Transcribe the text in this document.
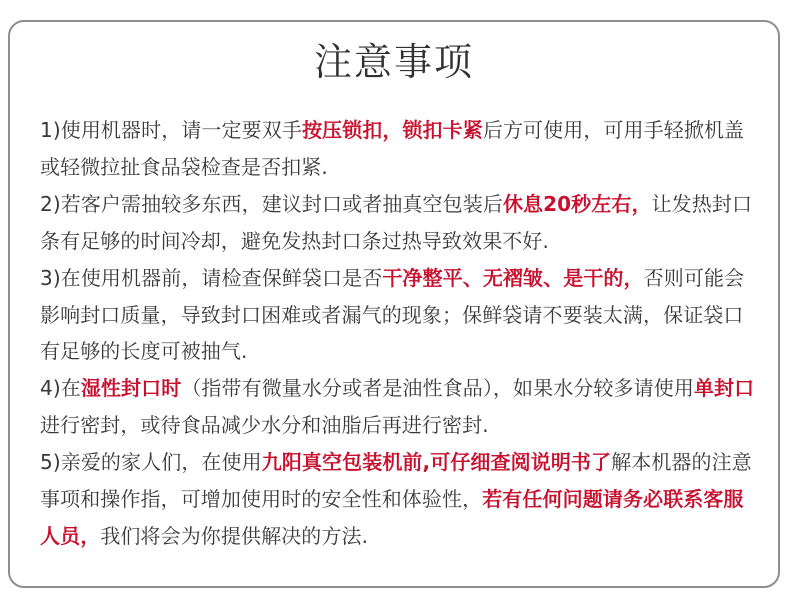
注意事项

1)使用机器时，请一定要双手按压锁扣，锁扣卡紧后方可使用，可用手轻掀机盖或轻微拉扯食品袋检查是否扣紧.

2)若客户需抽较多东西，建议封口或者抽真空包装后休息20秒左右，让发热封口条有足够的时间冷却，避免发热封口条过热导致效果不好.

3)在使用机器前，请检查保鲜袋口是否干净整平、无褶皱、是干的，否则可能会影响封口质量，导致封口困难或者漏气的现象；保鲜袋请不要装太满，保证袋口有足够的长度可被抽气.

4)在湿性封口时（指带有微量水分或者是油性食品），如果水分较多请使用单封口进行密封，或待食品减少水分和油脂后再进行密封.

5)亲爱的家人们，在使用九阳真空包装机前,可仔细查阅说明书了解本机器的注意事项和操作指，可增加使用时的安全性和体验性，若有任何问题请务必联系客服人员，我们将会为你提供解决的方法.
